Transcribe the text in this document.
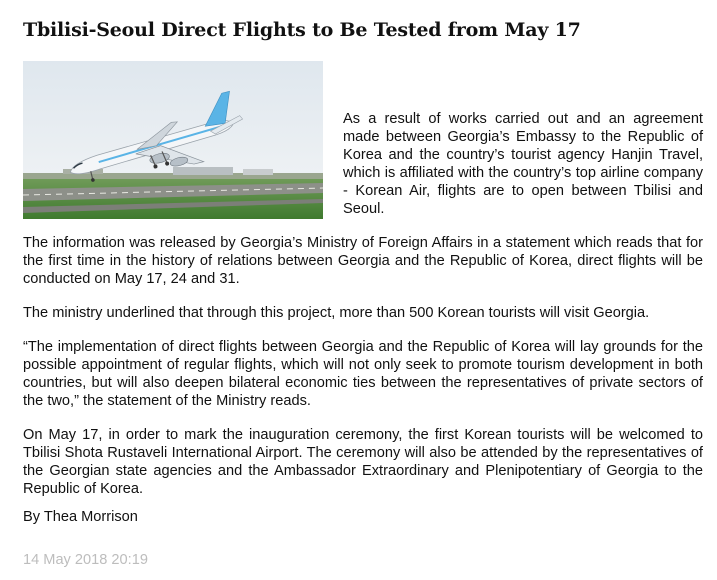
Tbilisi-Seoul Direct Flights to Be Tested from May 17

As a result of works carried out and an agreement made between Georgia’s Embassy to the Republic of Korea and the country’s tourist agency Hanjin Travel, which is affiliated with the country’s top airline company - Korean Air, flights are to open between Tbilisi and Seoul.

The information was released by Georgia’s Ministry of Foreign Affairs in a statement which reads that for the first time in the history of relations between Georgia and the Republic of Korea, direct flights will be conducted on May 17, 24 and 31.

The ministry underlined that through this project, more than 500 Korean tourists will visit Georgia.

“The implementation of direct flights between Georgia and the Republic of Korea will lay grounds for the possible appointment of regular flights, which will not only seek to promote tourism development in both countries, but will also deepen bilateral economic ties between the representatives of private sectors of the two,” the statement of the Ministry reads.

On May 17, in order to mark the inauguration ceremony, the first Korean tourists will be welcomed to Tbilisi Shota Rustaveli International Airport. The ceremony will also be attended by the representatives of the Georgian state agencies and the Ambassador Extraordinary and Plenipotentiary of Georgia to the Republic of Korea.

By Thea Morrison

14 May 2018 20:19
